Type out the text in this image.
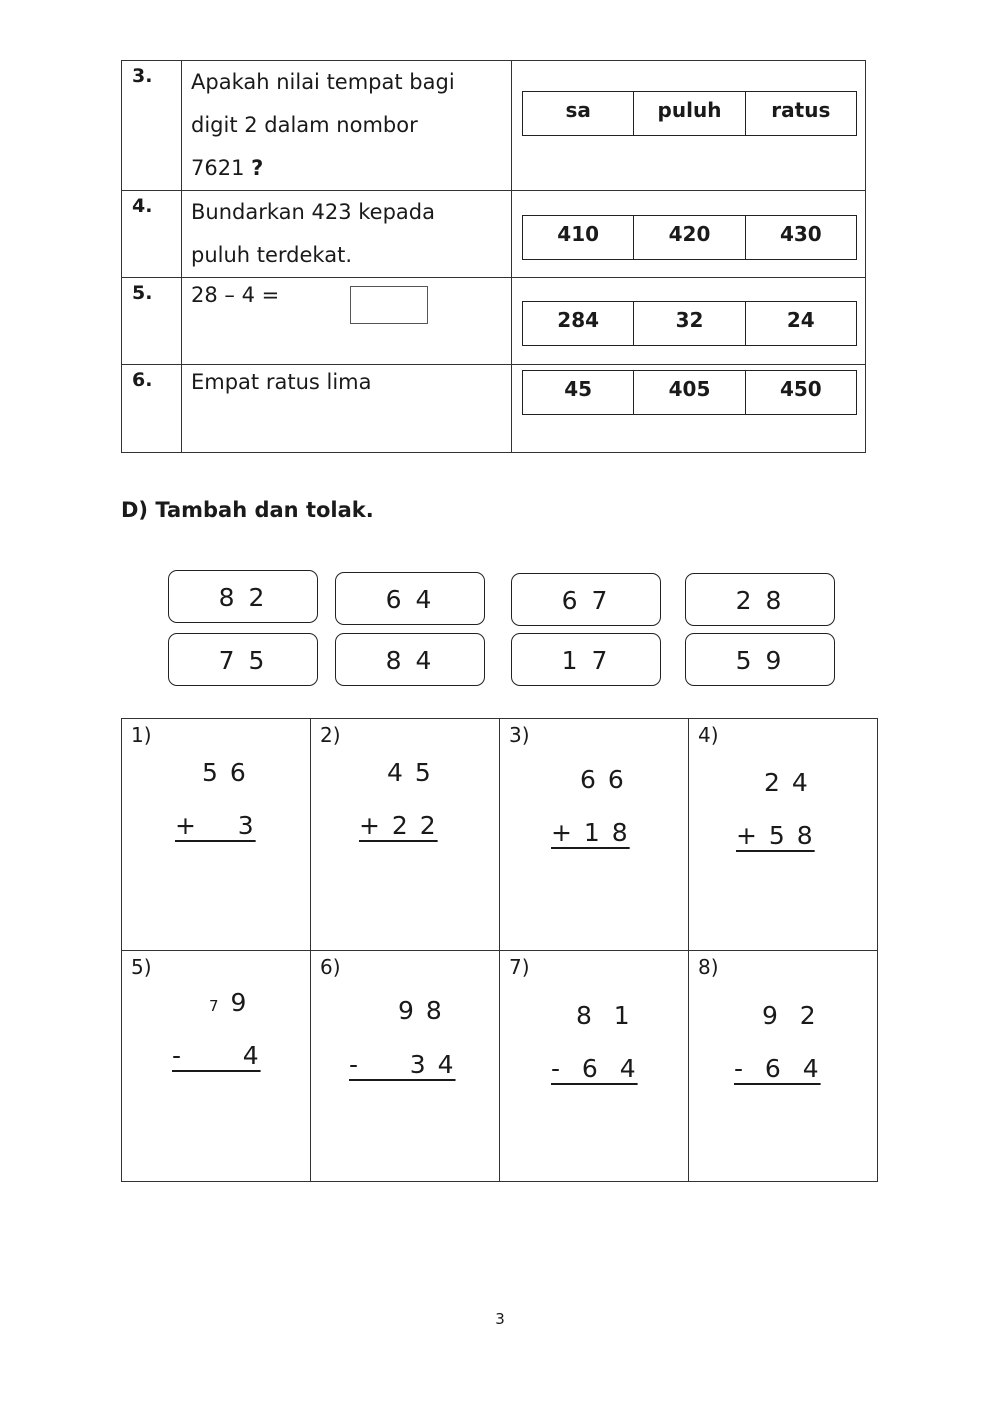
3.	Apakah nilai tempat bagi
digit 2 dalam nombor
7621 ?
sa	puluh	ratus
4.	Bundarkan 423 kepada
puluh terdekat.
410	420	430
5.	28 – 4 =
284	32	24
6.	Empat ratus lima	45	405	450
D) Tambah dan tolak.
8 2	6 4	6 7	2 8
7 5	8 4	1 7	5 9
1)
5 6
+    3
2)
4 5
+ 2 2
3)
6 6
+ 1 8
4)
2 4
+ 5 8
5)
7 9
-      4
6)
9 8
-     3 4
7)
8  1
-  6  4
8)
9  2
-  6  4
3
